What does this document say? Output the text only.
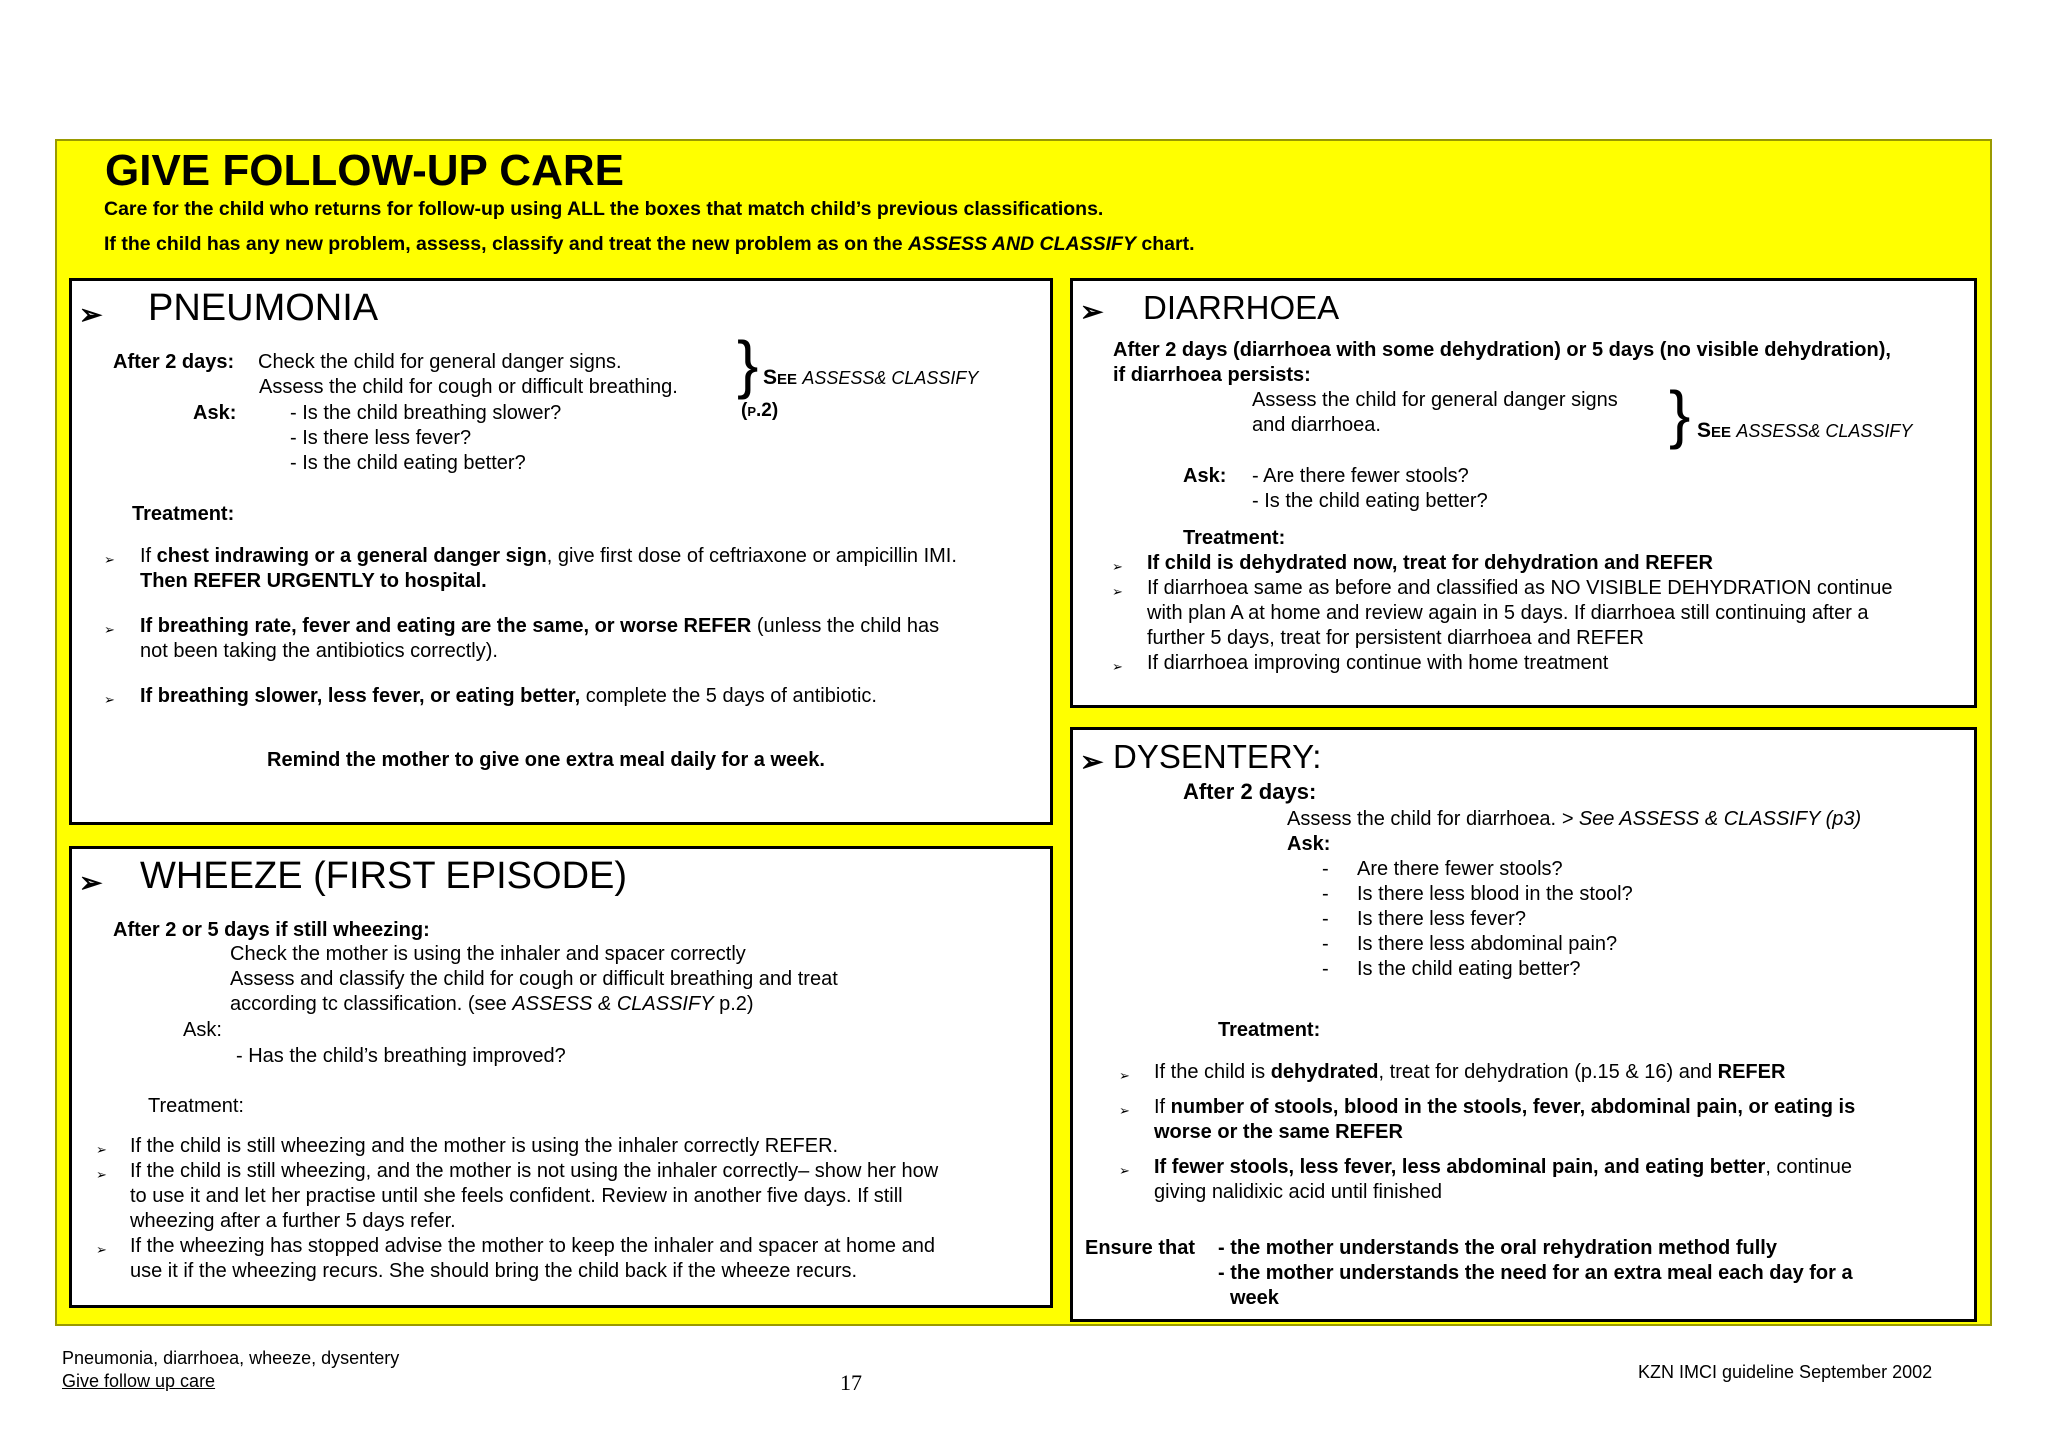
GIVE FOLLOW-UP CARE
Care for the child who returns for follow-up using ALL the boxes that match child’s previous classifications.
If the child has any new problem, assess, classify and treat the new problem as on the ASSESS AND CLASSIFY chart.
➢ PNEUMONIA
After 2 days: Check the child for general danger signs.
Assess the child for cough or difficult breathing.
Ask:	- Is the child breathing slower?
- Is there less fever?
- Is the child eating better?
} See ASSESS& CLASSIFY
(p.2)
Treatment:
➢ If chest indrawing or a general danger sign, give first dose of ceftriaxone or ampicillin IMI.
Then REFER URGENTLY to hospital.
➢ If breathing rate, fever and eating are the same, or worse REFER (unless the child has
not been taking the antibiotics correctly).
➢ If breathing slower, less fever, or eating better, complete the 5 days of antibiotic.
Remind the mother to give one extra meal daily for a week.
➢ WHEEZE (FIRST EPISODE)
After 2 or 5 days if still wheezing:
Check the mother is using the inhaler and spacer correctly
Assess and classify the child for cough or difficult breathing and treat
according tc classification. (see ASSESS & CLASSIFY p.2)
Ask:
- Has the child’s breathing improved?
Treatment:
➢ If the child is still wheezing and the mother is using the inhaler correctly REFER.
➢ If the child is still wheezing, and the mother is not using the inhaler correctly– show her how
to use it and let her practise until she feels confident. Review in another five days. If still
wheezing after a further 5 days refer.
➢ If the wheezing has stopped advise the mother to keep the inhaler and spacer at home and
use it if the wheezing recurs. She should bring the child back if the wheeze recurs.
➢ DIARRHOEA
After 2 days (diarrhoea with some dehydration) or 5 days (no visible dehydration),
if diarrhoea persists:
Assess the child for general danger signs
and diarrhoea.	} See ASSESS& CLASSIFY
Ask: - Are there fewer stools?
- Is the child eating better?
Treatment:
➢ If child is dehydrated now, treat for dehydration and REFER
➢ If diarrhoea same as before and classified as NO VISIBLE DEHYDRATION continue
with plan A at home and review again in 5 days. If diarrhoea still continuing after a
further 5 days, treat for persistent diarrhoea and REFER
➢ If diarrhoea improving continue with home treatment
➢ DYSENTERY:
After 2 days:
Assess the child for diarrhoea. > See ASSESS & CLASSIFY (p3)
Ask:
- Are there fewer stools?
- Is there less blood in the stool?
- Is there less fever?
- Is there less abdominal pain?
- Is the child eating better?
Treatment:
➢ If the child is dehydrated, treat for dehydration (p.15 & 16) and REFER
➢ If number of stools, blood in the stools, fever, abdominal pain, or eating is
worse or the same REFER
➢ If fewer stools, less fever, less abdominal pain, and eating better, continue
giving nalidixic acid until finished
Ensure that - the mother understands the oral rehydration method fully
- the mother understands the need for an extra meal each day for a
week
Pneumonia, diarrhoea, wheeze, dysentery
Give follow up care	17	KZN IMCI guideline September 2002
